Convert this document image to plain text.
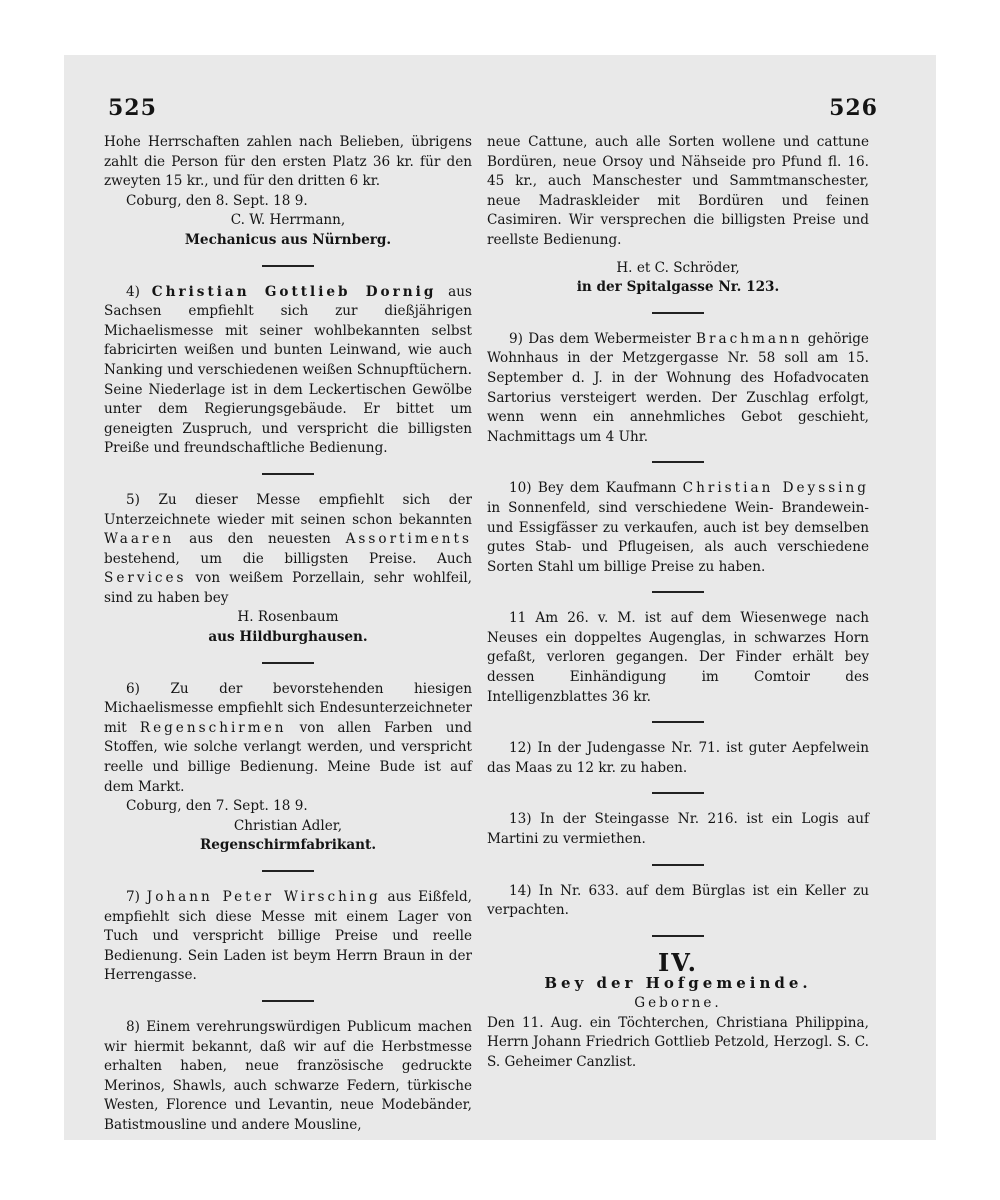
525	526

Hohe Herrschaften zahlen nach Belieben, übrigens zahlt die Person für den ersten Platz 36 kr. für den zweyten 15 kr., und für den dritten 6 kr.

Coburg, den 8. Sept. 18 9.

C. W. Herrmann,

Mechanicus aus Nürnberg.

4) Christian Gottlieb Dornig aus Sachsen empfiehlt sich zur dießjährigen Michaelismesse mit seiner wohlbekannten selbst fabricirten weißen und bunten Leinwand, wie auch Nanking und verschiedenen weißen Schnupftüchern. Seine Niederlage ist in dem Leckertischen Gewölbe unter dem Regierungsgebäude. Er bittet um geneigten Zuspruch, und verspricht die billigsten Preiße und freundschaftliche Bedienung.

5) Zu dieser Messe empfiehlt sich der Unterzeichnete wieder mit seinen schon bekannten Waaren aus den neuesten Assortiments bestehend, um die billigsten Preise. Auch Services von weißem Porzellain, sehr wohlfeil, sind zu haben bey

H. Rosenbaum

aus Hildburghausen.

6) Zu der bevorstehenden hiesigen Michaelismesse empfiehlt sich Endesunterzeichneter mit Regenschirmen von allen Farben und Stoffen, wie solche verlangt werden, und verspricht reelle und billige Bedienung. Meine Bude ist auf dem Markt.

Coburg, den 7. Sept. 18 9.

Christian Adler,

Regenschirmfabrikant.

7) Johann Peter Wirsching aus Eißfeld, empfiehlt sich diese Messe mit einem Lager von Tuch und verspricht billige Preise und reelle Bedienung. Sein Laden ist beym Herrn Braun in der Herrengasse.

8) Einem verehrungswürdigen Publicum machen wir hiermit bekannt, daß wir auf die Herbstmesse erhalten haben, neue französische gedruckte Merinos, Shawls, auch schwarze Federn, türkische Westen, Florence und Levantin, neue Modebänder, Batistmousline und andere Mousline,

neue Cattune, auch alle Sorten wollene und cattune Bordüren, neue Orsoy und Nähseide pro Pfund fl. 16. 45 kr., auch Manschester und Sammtmanschester, neue Madraskleider mit Bordüren und feinen Casimiren. Wir versprechen die billigsten Preise und reellste Bedienung.

H. et C. Schröder,

in der Spitalgasse Nr. 123.

9) Das dem Webermeister Brachmann gehörige Wohnhaus in der Metzgergasse Nr. 58 soll am 15. September d. J. in der Wohnung des Hofadvocaten Sartorius versteigert werden. Der Zuschlag erfolgt, wenn wenn ein annehmliches Gebot geschieht, Nachmittags um 4 Uhr.

10) Bey dem Kaufmann Christian Deyssing in Sonnenfeld, sind verschiedene Wein- Brandewein- und Essigfässer zu verkaufen, auch ist bey demselben gutes Stab- und Pflugeisen, als auch verschiedene Sorten Stahl um billige Preise zu haben.

11 Am 26. v. M. ist auf dem Wiesenwege nach Neuses ein doppeltes Augenglas, in schwarzes Horn gefaßt, verloren gegangen. Der Finder erhält bey dessen Einhändigung im Comtoir des Intelligenzblattes 36 kr.

12) In der Judengasse Nr. 71. ist guter Aepfelwein das Maas zu 12 kr. zu haben.

13) In der Steingasse Nr. 216. ist ein Logis auf Martini zu vermiethen.

14) In Nr. 633. auf dem Bürglas ist ein Keller zu verpachten.

IV.
Bey der Hofgemeinde.
Geborne.

Den 11. Aug. ein Töchterchen, Christiana Philippina, Herrn Johann Friedrich Gottlieb Petzold, Herzogl. S. C. S. Geheimer Canzlist.
